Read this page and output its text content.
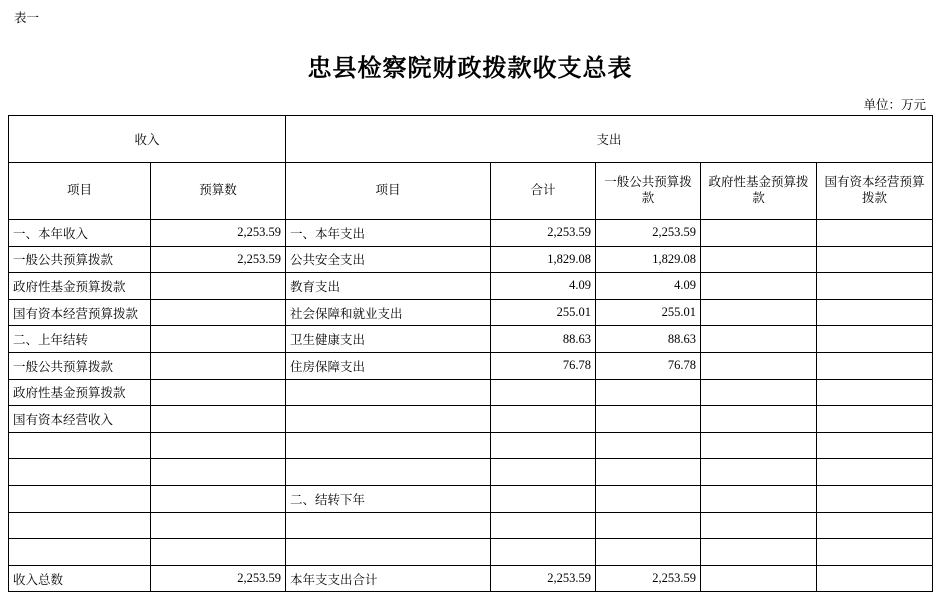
表一
忠县检察院财政拨款收支总表
单位：万元
收入		支出				
项目	预算数	项目	合计	一般公共预算拨款	政府性基金预算拨款	国有资本经营预算拨款
一、本年收入	2,253.59	一、本年支出	2,253.59	2,253.59		
一般公共预算拨款	2,253.59	公共安全支出	1,829.08	1,829.08		
政府性基金预算拨款		教育支出	4.09	4.09		
国有资本经营预算拨款		社会保障和就业支出	255.01	255.01		
二、上年结转		卫生健康支出	88.63	88.63		
一般公共预算拨款		住房保障支出	76.78	76.78		
政府性基金预算拨款						
国有资本经营收入						

		二、结转下年				

收入总数	2,253.59	本年支支出合计	2,253.59	2,253.59		
